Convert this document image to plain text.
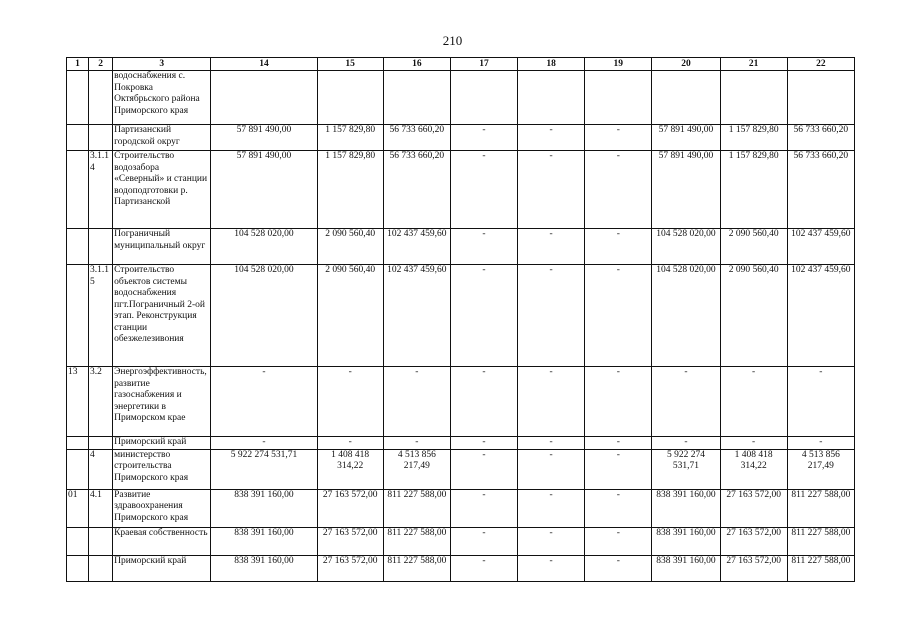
210
1	2	3	14	15	16	17	18	19	20	21	22
		водоснабжения с. Покровка Октябрьского района Приморского края									
		Партизанский городской округ	57 891 490,00	1 157 829,80	56 733 660,20	-	-	-	57 891 490,00	1 157 829,80	56 733 660,20
	3.1.14	Строительство водозабора «Северный» и станции водоподготовки р. Партизанской	57 891 490,00	1 157 829,80	56 733 660,20	-	-	-	57 891 490,00	1 157 829,80	56 733 660,20
		Пограничный муниципальный округ	104 528 020,00	2 090 560,40	102 437 459,60	-	-	-	104 528 020,00	2 090 560,40	102 437 459,60
	3.1.15	Строительство объектов системы водоснабжения пгт.Пограничный 2-ой этап. Реконструкция станции обезжелезивония	104 528 020,00	2 090 560,40	102 437 459,60	-	-	-	104 528 020,00	2 090 560,40	102 437 459,60
13	3.2	Энергоэффективность, развитие газоснабжения и энергетики в Приморском крае	-	-	-	-	-	-	-	-	-
		Приморский край	-	-	-	-	-	-	-	-	-
	4	министерство строительства Приморского края	5 922 274 531,71	1 408 418 314,22	4 513 856 217,49	-	-	-	5 922 274 531,71	1 408 418 314,22	4 513 856 217,49
01	4.1	Развитие здравоохранения Приморского края	838 391 160,00	27 163 572,00	811 227 588,00	-	-	-	838 391 160,00	27 163 572,00	811 227 588,00
		Краевая собственность	838 391 160,00	27 163 572,00	811 227 588,00	-	-	-	838 391 160,00	27 163 572,00	811 227 588,00
		Приморский край	838 391 160,00	27 163 572,00	811 227 588,00	-	-	-	838 391 160,00	27 163 572,00	811 227 588,00
